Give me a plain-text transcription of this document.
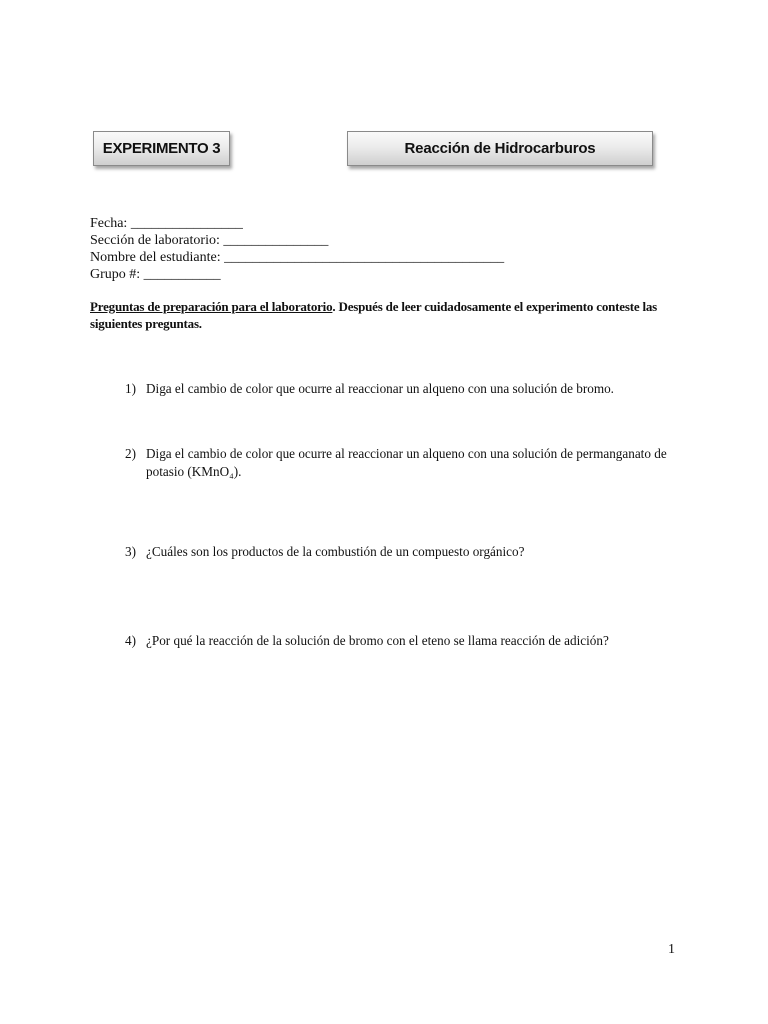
EXPERIMENTO 3	Reacción de Hidrocarburos
Fecha: ________________
Sección de laboratorio: _______________
Nombre del estudiante: ________________________________________
Grupo #: ___________
Preguntas de preparación para el laboratorio. Después de leer cuidadosamente el experimento conteste las siguientes preguntas.
1) Diga el cambio de color que ocurre al reaccionar un alqueno con una solución de bromo.
2) Diga el cambio de color que ocurre al reaccionar un alqueno con una solución de permanganato de potasio (KMnO₄).
3) ¿Cuáles son los productos de la combustión de un compuesto orgánico?
4) ¿Por qué la reacción de la solución de bromo con el eteno se llama reacción de adición?
1
